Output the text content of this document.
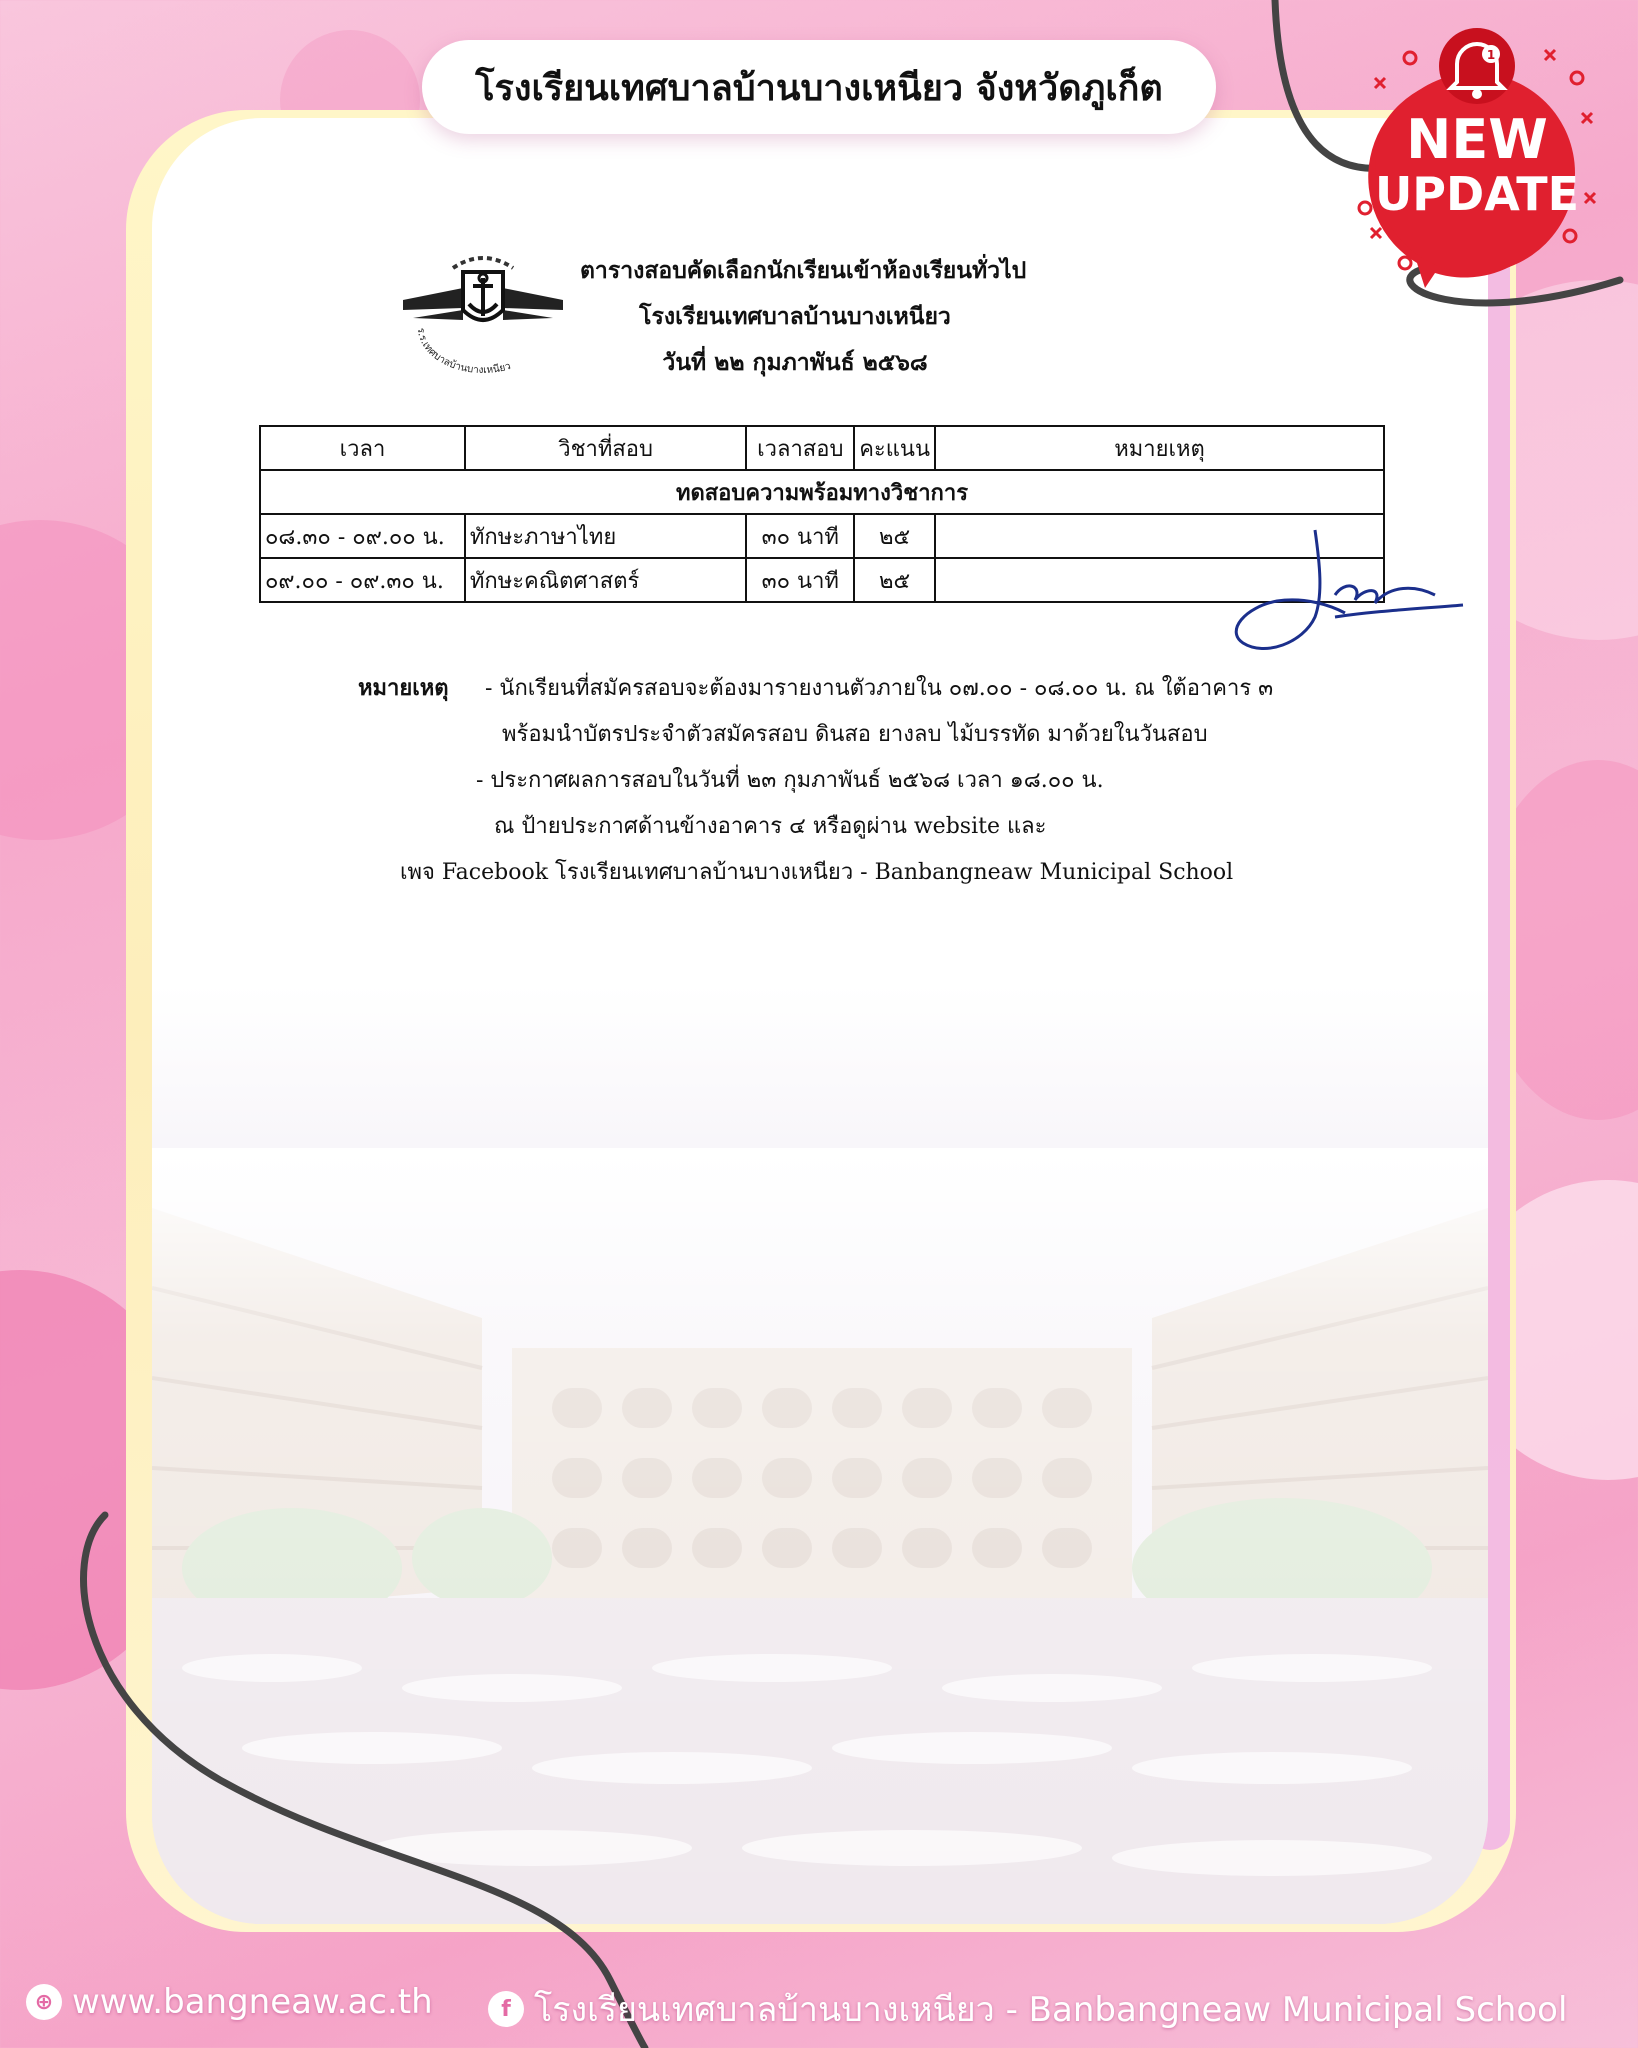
โรงเรียนเทศบาลบ้านบางเหนียว จังหวัดภูเก็ต
NEW
UPDATE
1
ร.ร.เทศบาลบ้านบางเหนียว
ตารางสอบคัดเลือกนักเรียนเข้าห้องเรียนทั่วไป
โรงเรียนเทศบาลบ้านบางเหนียว
วันที่ ๒๒ กุมภาพันธ์ ๒๕๖๘
เวลา	วิชาที่สอบ	เวลาสอบ	คะแนน	หมายเหตุ
ทดสอบความพร้อมทางวิชาการ				
๐๘.๓๐ - ๐๙.๐๐ น.	ทักษะภาษาไทย	๓๐ นาที	๒๕	
๐๙.๐๐ - ๐๙.๓๐ น.	ทักษะคณิตศาสตร์	๓๐ นาที	๒๕	
หมายเหตุ - นักเรียนที่สมัครสอบจะต้องมารายงานตัวภายใน ๐๗.๐๐ - ๐๘.๐๐ น. ณ ใต้อาคาร ๓
พร้อมนำบัตรประจำตัวสมัครสอบ ดินสอ ยางลบ ไม้บรรทัด มาด้วยในวันสอบ
- ประกาศผลการสอบในวันที่ ๒๓ กุมภาพันธ์ ๒๕๖๘ เวลา ๑๘.๐๐ น.
ณ ป้ายประกาศด้านข้างอาคาร ๔ หรือดูผ่าน website และ
เพจ Facebook โรงเรียนเทศบาลบ้านบางเหนียว - Banbangneaw Municipal School
⊕ www.bangneaw.ac.th	f โรงเรียนเทศบาลบ้านบางเหนียว - Banbangneaw Municipal School
